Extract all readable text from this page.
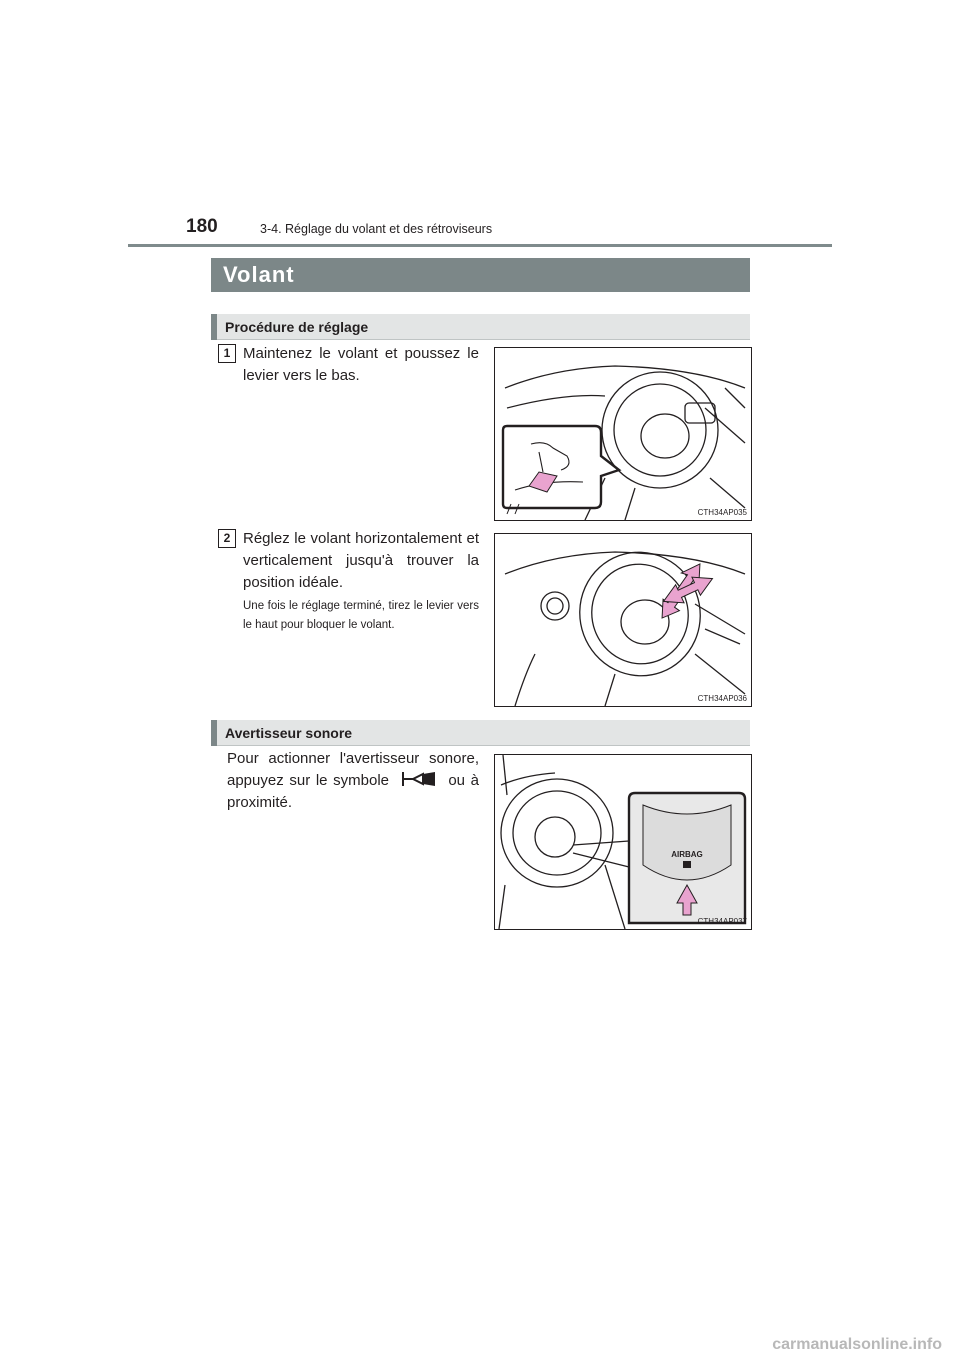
180	3-4. Réglage du volant et des rétroviseurs
Volant
Procédure de réglage
1 Maintenez le volant et poussez le levier vers le bas.
CTH34AP035
2 Réglez le volant horizontalement et verticalement jusqu'à trouver la position idéale.
Une fois le réglage terminé, tirez le levier vers le haut pour bloquer le volant.
CTH34AP036
Avertisseur sonore
Pour actionner l'avertisseur sonore, appuyez sur le symbole	ou à proximité.
AIRBAG
CTH34AP037
carmanualsonline.info
